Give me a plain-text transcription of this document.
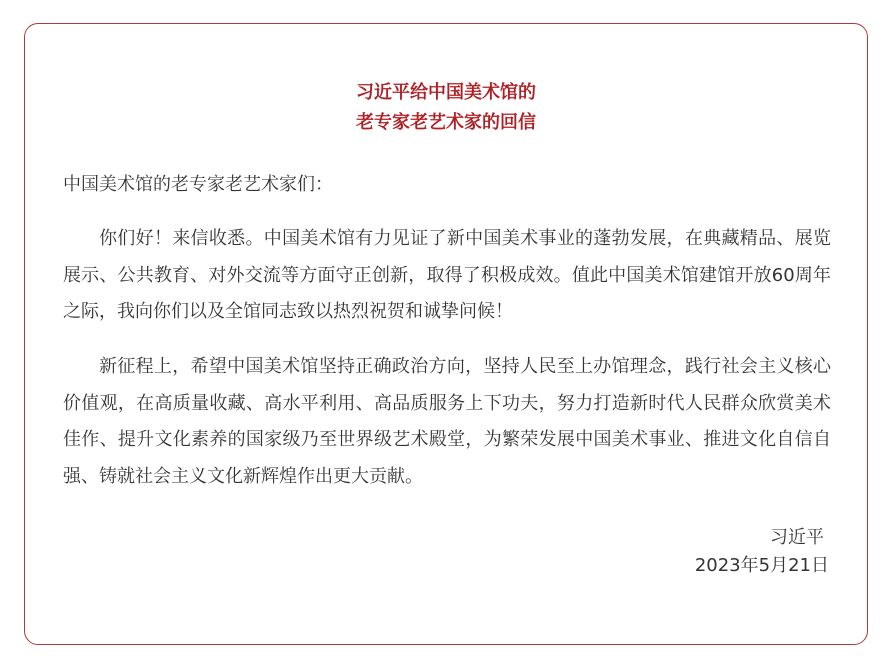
习近平给中国美术馆的
老专家老艺术家的回信

中国美术馆的老专家老艺术家们：

你们好！来信收悉。中国美术馆有力见证了新中国美术事业的蓬勃发展，在典藏精品、展览展示、公共教育、对外交流等方面守正创新，取得了积极成效。值此中国美术馆建馆开放60周年之际，我向你们以及全馆同志致以热烈祝贺和诚挚问候！

新征程上，希望中国美术馆坚持正确政治方向，坚持人民至上办馆理念，践行社会主义核心价值观，在高质量收藏、高水平利用、高品质服务上下功夫，努力打造新时代人民群众欣赏美术佳作、提升文化素养的国家级乃至世界级艺术殿堂，为繁荣发展中国美术事业、推进文化自信自强、铸就社会主义文化新辉煌作出更大贡献。

习近平

2023年5月21日
